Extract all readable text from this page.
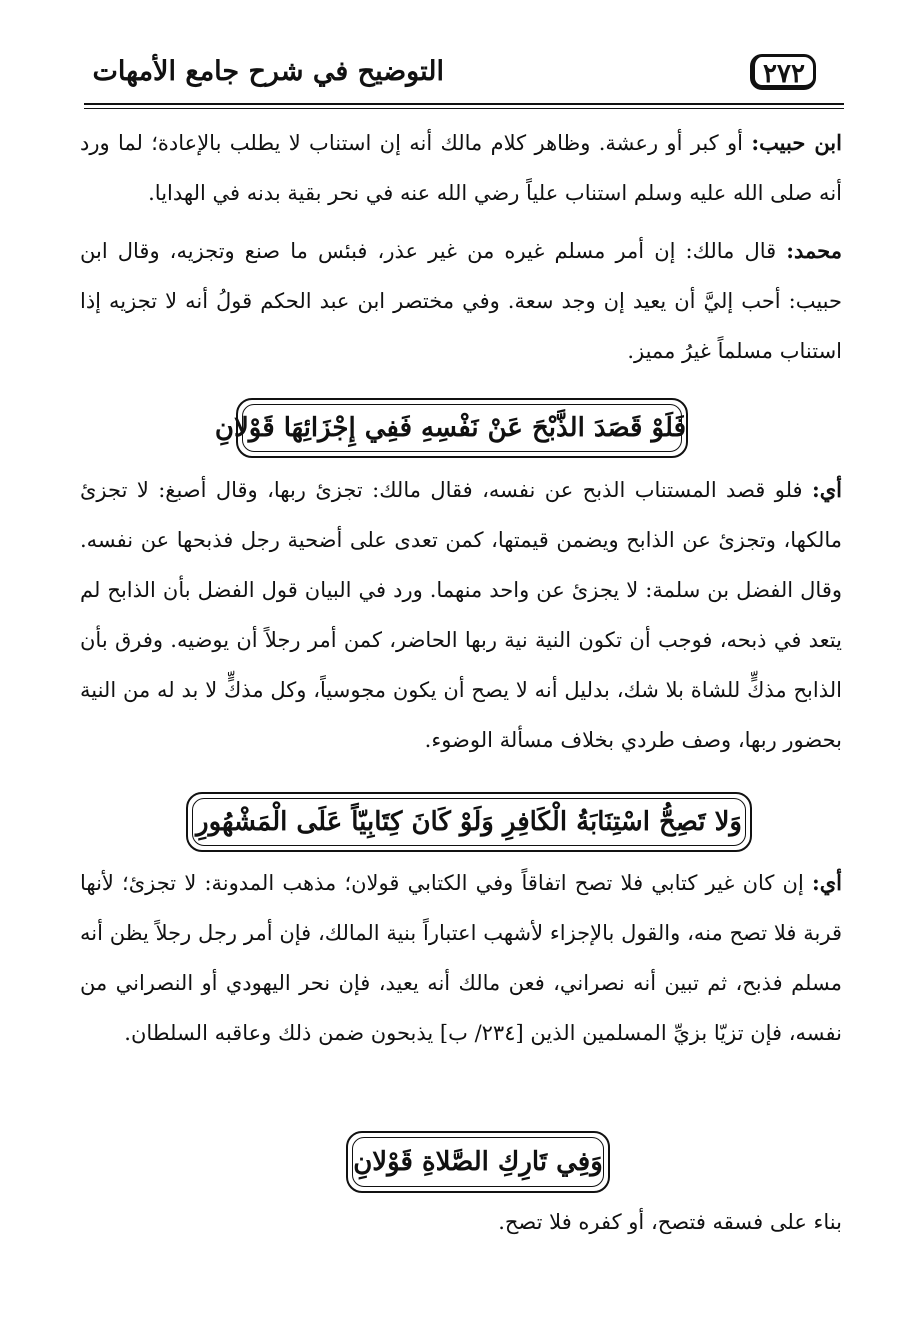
التوضيح في شرح جامع الأمهات	٢٧٢
ابن حبيب: أو كبر أو رعشة. وظاهر كلام مالك أنه إن استناب لا يطلب بالإعادة؛ لما ورد أنه صلى الله عليه وسلم استناب علياً رضي الله عنه في نحر بقية بدنه في الهدايا.
محمد: قال مالك: إن أمر مسلم غيره من غير عذر، فبئس ما صنع وتجزيه، وقال ابن حبيب: أحب إليَّ أن يعيد إن وجد سعة. وفي مختصر ابن عبد الحكم قولُ أنه لا تجزيه إذا استناب مسلماً غيرُ مميز.
فَلَوْ قَصَدَ الذَّبْحَ عَنْ نَفْسِهِ فَفِي إِجْزَائِهَا قَوْلانِ
أي: فلو قصد المستناب الذبح عن نفسه، فقال مالك: تجزئ ربها، وقال أصبغ: لا تجزئ مالكها، وتجزئ عن الذابح ويضمن قيمتها، كمن تعدى على أضحية رجل فذبحها عن نفسه. وقال الفضل بن سلمة: لا يجزئ عن واحد منهما. ورد في البيان قول الفضل بأن الذابح لم يتعد في ذبحه، فوجب أن تكون النية نية ربها الحاضر، كمن أمر رجلاً أن يوضيه. وفرق بأن الذابح مذكٍّ للشاة بلا شك، بدليل أنه لا يصح أن يكون مجوسياً، وكل مذكٍّ لا بد له من النية بحضور ربها، وصف طردي بخلاف مسألة الوضوء.
وَلا تَصِحُّ اسْتِنَابَةُ الْكَافِرِ وَلَوْ كَانَ كِتَابِيّاً عَلَى الْمَشْهُورِ
أي: إن كان غير كتابي فلا تصح اتفاقاً وفي الكتابي قولان؛ مذهب المدونة: لا تجزئ؛ لأنها قربة فلا تصح منه، والقول بالإجزاء لأشهب اعتباراً بنية المالك، فإن أمر رجل رجلاً يظن أنه مسلم فذبح، ثم تبين أنه نصراني، فعن مالك أنه يعيد، فإن نحر اليهودي أو النصراني من نفسه، فإن تزيّا بزيِّ المسلمين الذين [٢٣٤/ ب] يذبحون ضمن ذلك وعاقبه السلطان.
وَفِي تَارِكِ الصَّلاةِ قَوْلانِ
بناء على فسقه فتصح، أو كفره فلا تصح.
